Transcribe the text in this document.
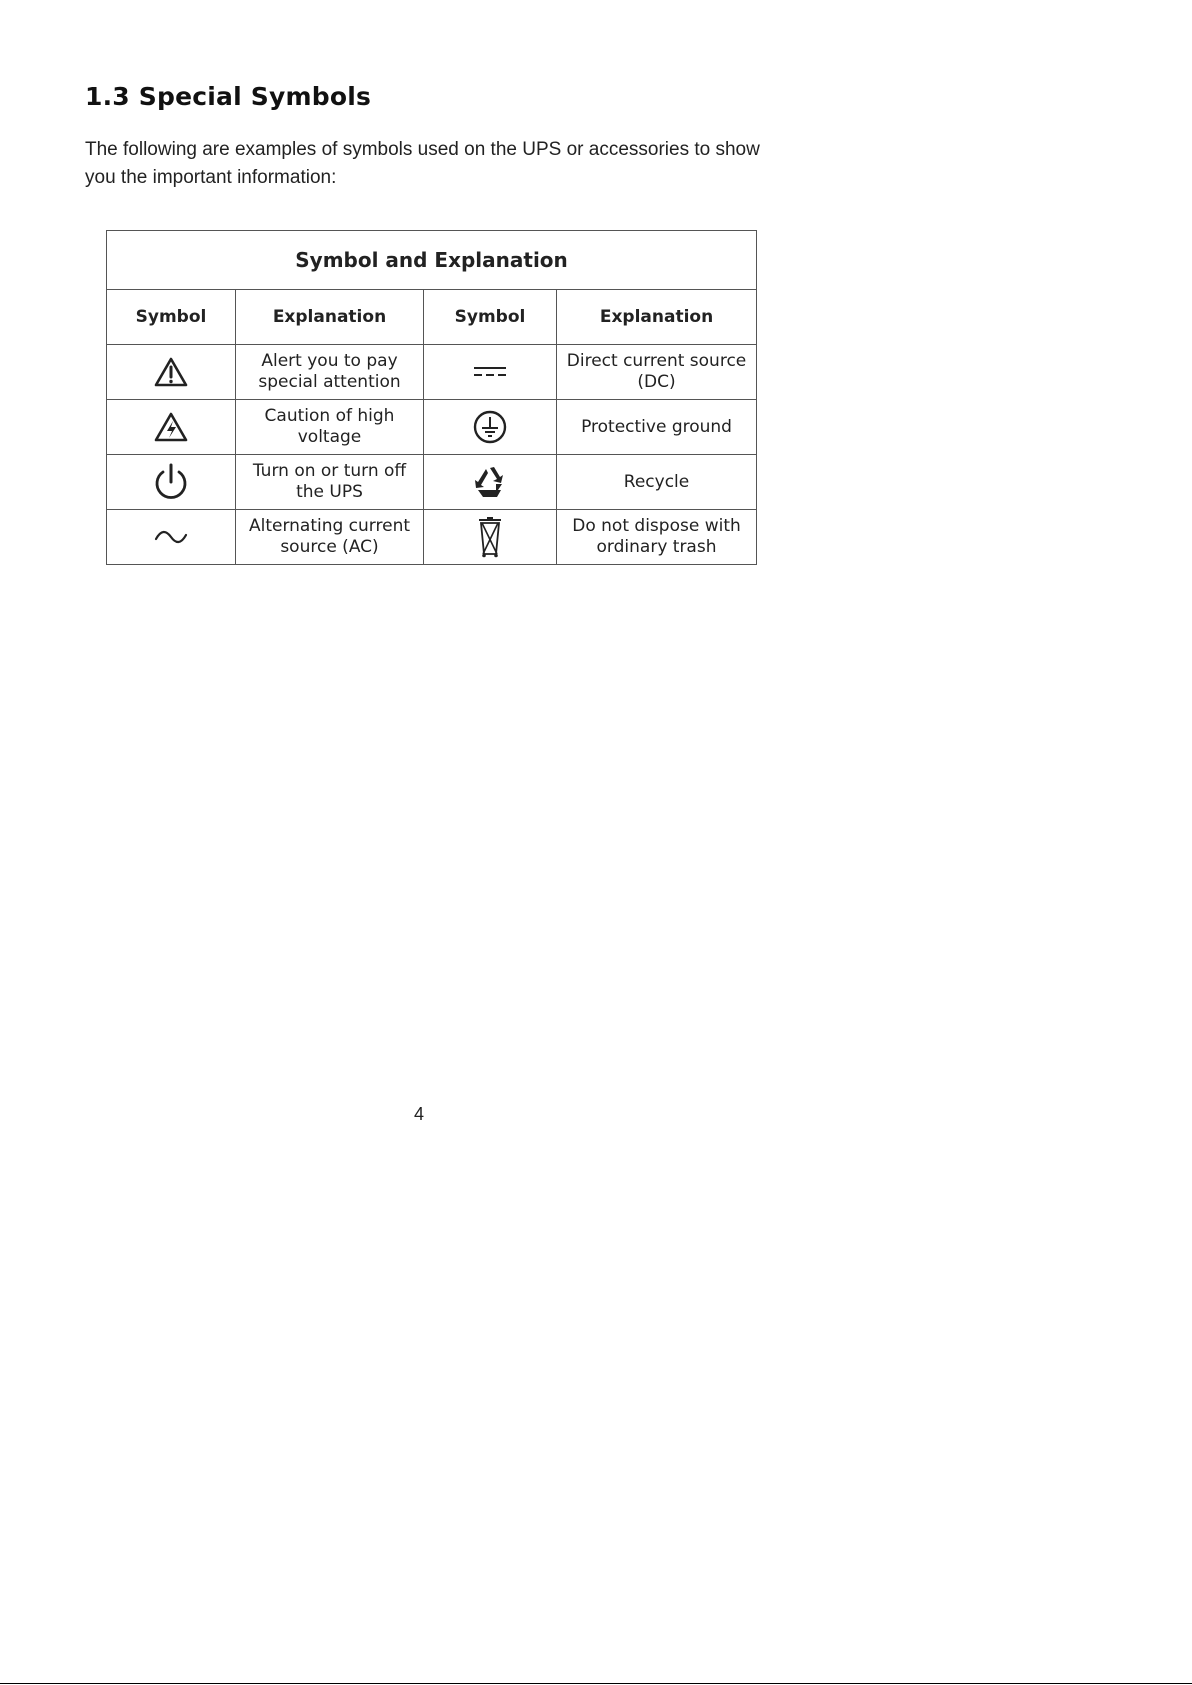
1.3 Special Symbols

The following are examples of symbols used on the UPS or accessories to show you the important information:

Symbol and Explanation			
Symbol	Explanation	Symbol	Explanation
	Alert you to pay special attention		Direct current source (DC)
	Caution of high voltage		Protective ground
	Turn on or turn off the UPS		Recycle
	Alternating current source (AC)		Do not dispose with ordinary trash
4
